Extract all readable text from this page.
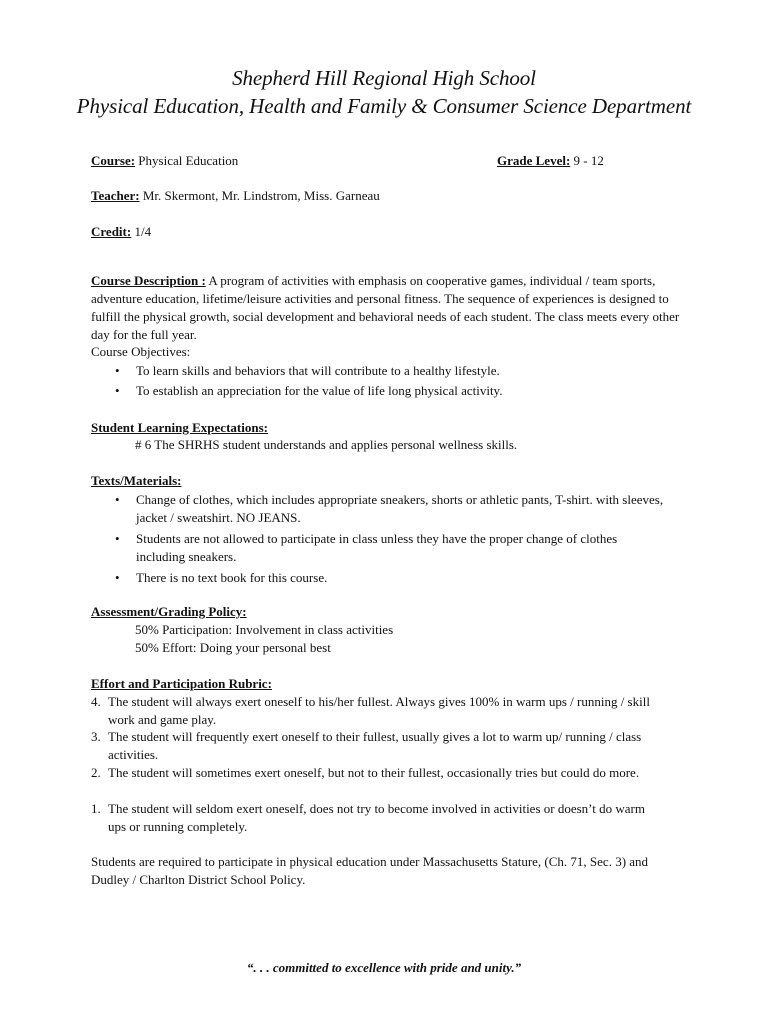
Shepherd Hill Regional High School
Physical Education, Health and Family & Consumer Science Department
Course: Physical Education	Grade Level: 9 - 12
Teacher: Mr. Skermont, Mr. Lindstrom, Miss. Garneau
Credit: 1/4
Course Description : A program of activities with emphasis on cooperative games, individual / team sports, adventure education, lifetime/leisure activities and personal fitness. The sequence of experiences is designed to fulfill the physical growth, social development and behavioral needs of each student. The class meets every other day for the full year.
Course Objectives:
• To learn skills and behaviors that will contribute to a healthy lifestyle.
• To establish an appreciation for the value of life long physical activity.
Student Learning Expectations:
# 6 The SHRHS student understands and applies personal wellness skills.
Texts/Materials:
• Change of clothes, which includes appropriate sneakers, shorts or athletic pants, T-shirt. with sleeves, jacket / sweatshirt. NO JEANS.
• Students are not allowed to participate in class unless they have the proper change of clothes including sneakers.
• There is no text book for this course.
Assessment/Grading Policy:
50% Participation: Involvement in class activities
50% Effort: Doing your personal best
Effort and Participation Rubric:
4. The student will always exert oneself to his/her fullest. Always gives 100% in warm ups / running / skill work and game play.
3. The student will frequently exert oneself to their fullest, usually gives a lot to warm up/ running / class activities.
2. The student will sometimes exert oneself, but not to their fullest, occasionally tries but could do more.
1. The student will seldom exert oneself, does not try to become involved in activities or doesn’t do warm ups or running completely.
Students are required to participate in physical education under Massachusetts Stature, (Ch. 71, Sec. 3) and Dudley / Charlton District School Policy.
“. . . committed to excellence with pride and unity.”
